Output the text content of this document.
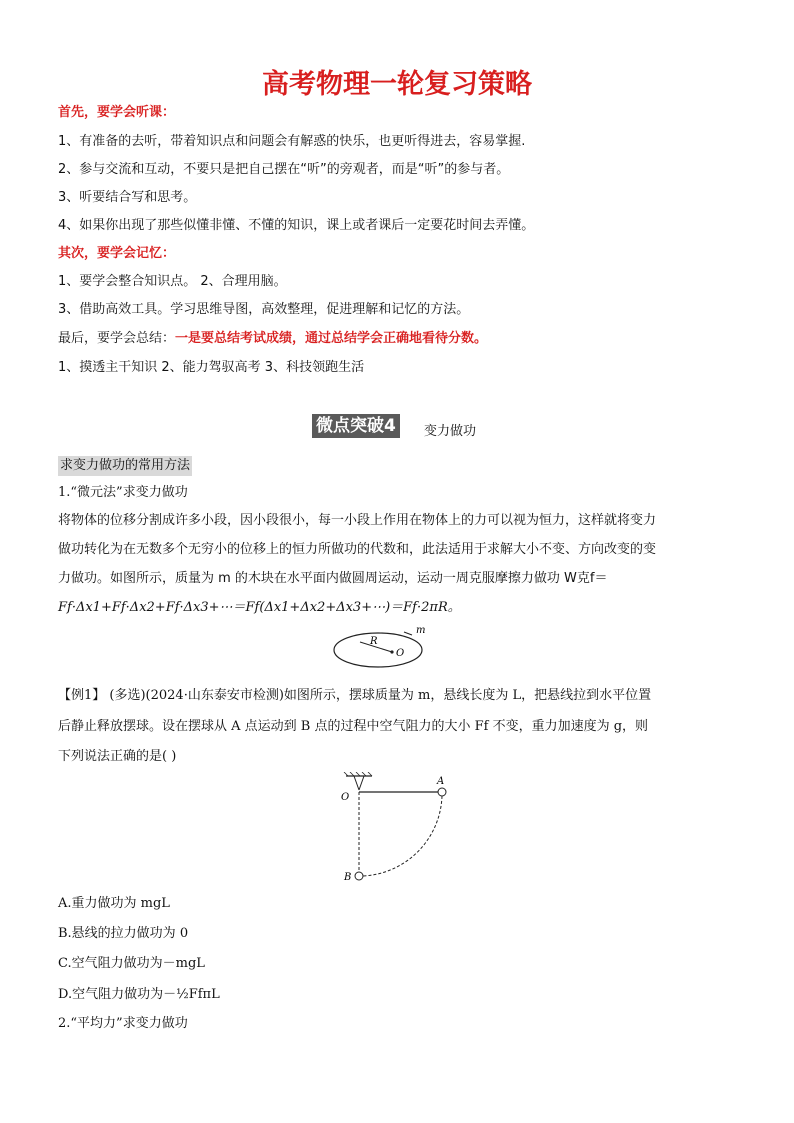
高考物理一轮复习策略
首先，要学会听课：
1、有准备的去听，带着知识点和问题会有解惑的快乐，也更听得进去，容易掌握.
2、参与交流和互动，不要只是把自己摆在“听”的旁观者，而是“听”的参与者。
3、听要结合写和思考。
4、如果你出现了那些似懂非懂、不懂的知识，课上或者课后一定要花时间去弄懂。
其次，要学会记忆：
1、要学会整合知识点。 2、合理用脑。
3、借助高效工具。学习思维导图，高效整理，促进理解和记忆的方法。
最后，要学会总结：一是要总结考试成绩，通过总结学会正确地看待分数。
1、摸透主干知识 2、能力驾驭高考 3、科技领跑生活
微点突破4	变力做功
求变力做功的常用方法
1.“微元法”求变力做功
将物体的位移分割成许多小段，因小段很小，每一小段上作用在物体上的力可以视为恒力，这样就将变力
做功转化为在无数多个无穷小的位移上的恒力所做功的代数和，此法适用于求解大小不变、方向改变的变
力做功。如图所示，质量为 m 的木块在水平面内做圆周运动，运动一周克服摩擦力做功 W克f＝
Ff·Δx1+Ff·Δx2+Ff·Δx3+⋯＝Ff(Δx1+Δx2+Δx3+⋯)＝Ff·2πR。
m
R
O
【例1】 (多选)(2024·山东泰安市检测)如图所示，摆球质量为 m，悬线长度为 L，把悬线拉到水平位置
后静止释放摆球。设在摆球从 A 点运动到 B 点的过程中空气阻力的大小 Ff 不变，重力加速度为 g，则
下列说法正确的是( )
O
A
B
A.重力做功为 mgL
B.悬线的拉力做功为 0
C.空气阻力做功为－mgL
D.空气阻力做功为－½FfπL
2.“平均力”求变力做功
